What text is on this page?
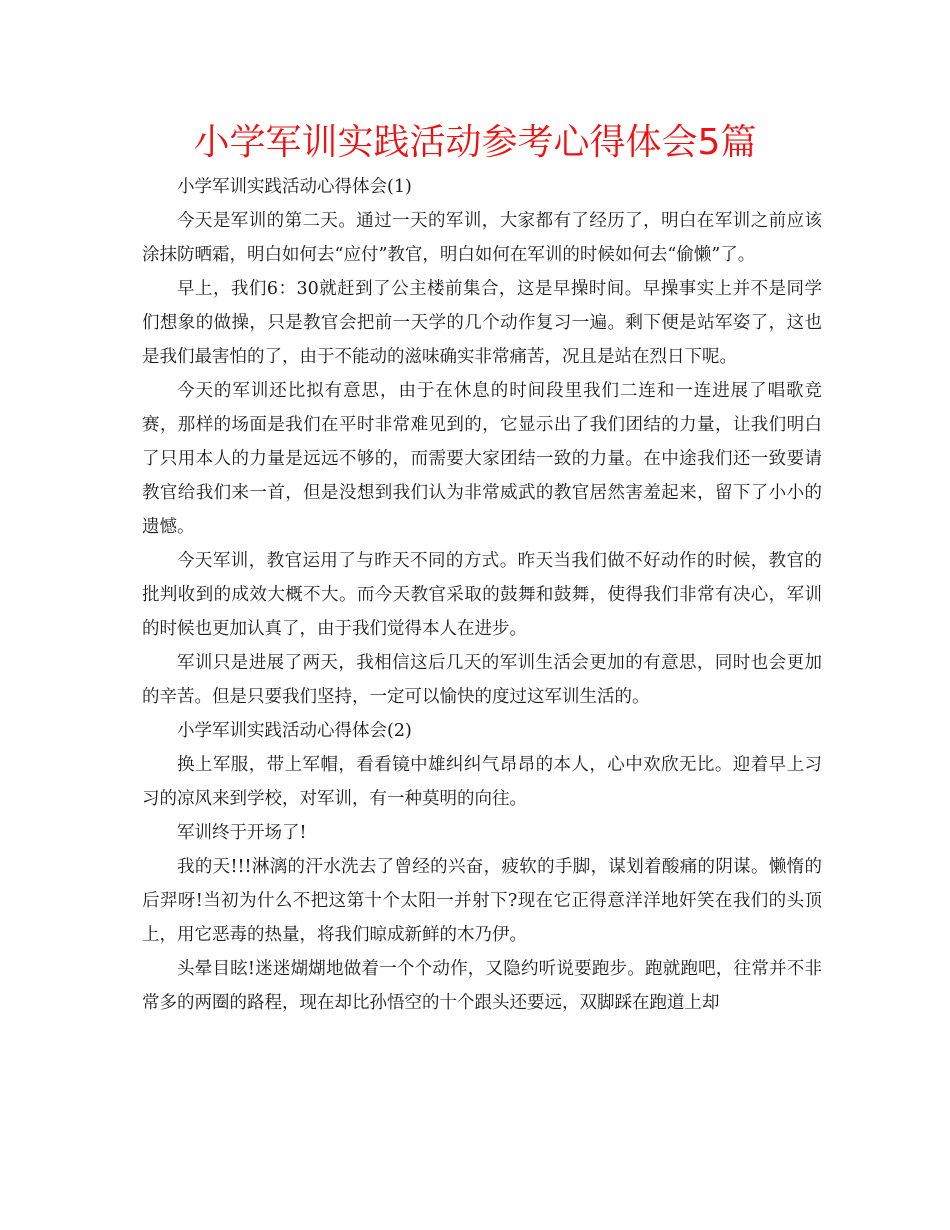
小学军训实践活动参考心得体会5篇

小学军训实践活动心得体会(1)

今天是军训的第二天。通过一天的军训，大家都有了经历了，明白在军训之前应该涂抹防晒霜，明白如何去“应付”教官，明白如何在军训的时候如何去“偷懒”了。

早上，我们6：30就赶到了公主楼前集合，这是早操时间。早操事实上并不是同学们想象的做操，只是教官会把前一天学的几个动作复习一遍。剩下便是站军姿了，这也是我们最害怕的了，由于不能动的滋味确实非常痛苦，况且是站在烈日下呢。

今天的军训还比拟有意思，由于在休息的时间段里我们二连和一连进展了唱歌竞赛，那样的场面是我们在平时非常难见到的，它显示出了我们团结的力量，让我们明白了只用本人的力量是远远不够的，而需要大家团结一致的力量。在中途我们还一致要请教官给我们来一首，但是没想到我们认为非常威武的教官居然害羞起来，留下了小小的遗憾。

今天军训，教官运用了与昨天不同的方式。昨天当我们做不好动作的时候，教官的批判收到的成效大概不大。而今天教官采取的鼓舞和鼓舞，使得我们非常有决心，军训的时候也更加认真了，由于我们觉得本人在进步。

军训只是进展了两天，我相信这后几天的军训生活会更加的有意思，同时也会更加的辛苦。但是只要我们坚持，一定可以愉快的度过这军训生活的。

小学军训实践活动心得体会(2)

换上军服，带上军帽，看看镜中雄纠纠气昂昂的本人，心中欢欣无比。迎着早上习习的凉风来到学校，对军训，有一种莫明的向往。

军训终于开场了!

我的天!!!淋漓的汗水洗去了曾经的兴奋，疲软的手脚，谋划着酸痛的阴谋。懒惰的后羿呀!当初为什么不把这第十个太阳一并射下?现在它正得意洋洋地奸笑在我们的头顶上，用它恶毒的热量，将我们晾成新鲜的木乃伊。

头晕目眩!迷迷煳煳地做着一个个动作，又隐约听说要跑步。跑就跑吧，往常并不非常多的两圈的路程，现在却比孙悟空的十个跟头还要远，双脚踩在跑道上却
